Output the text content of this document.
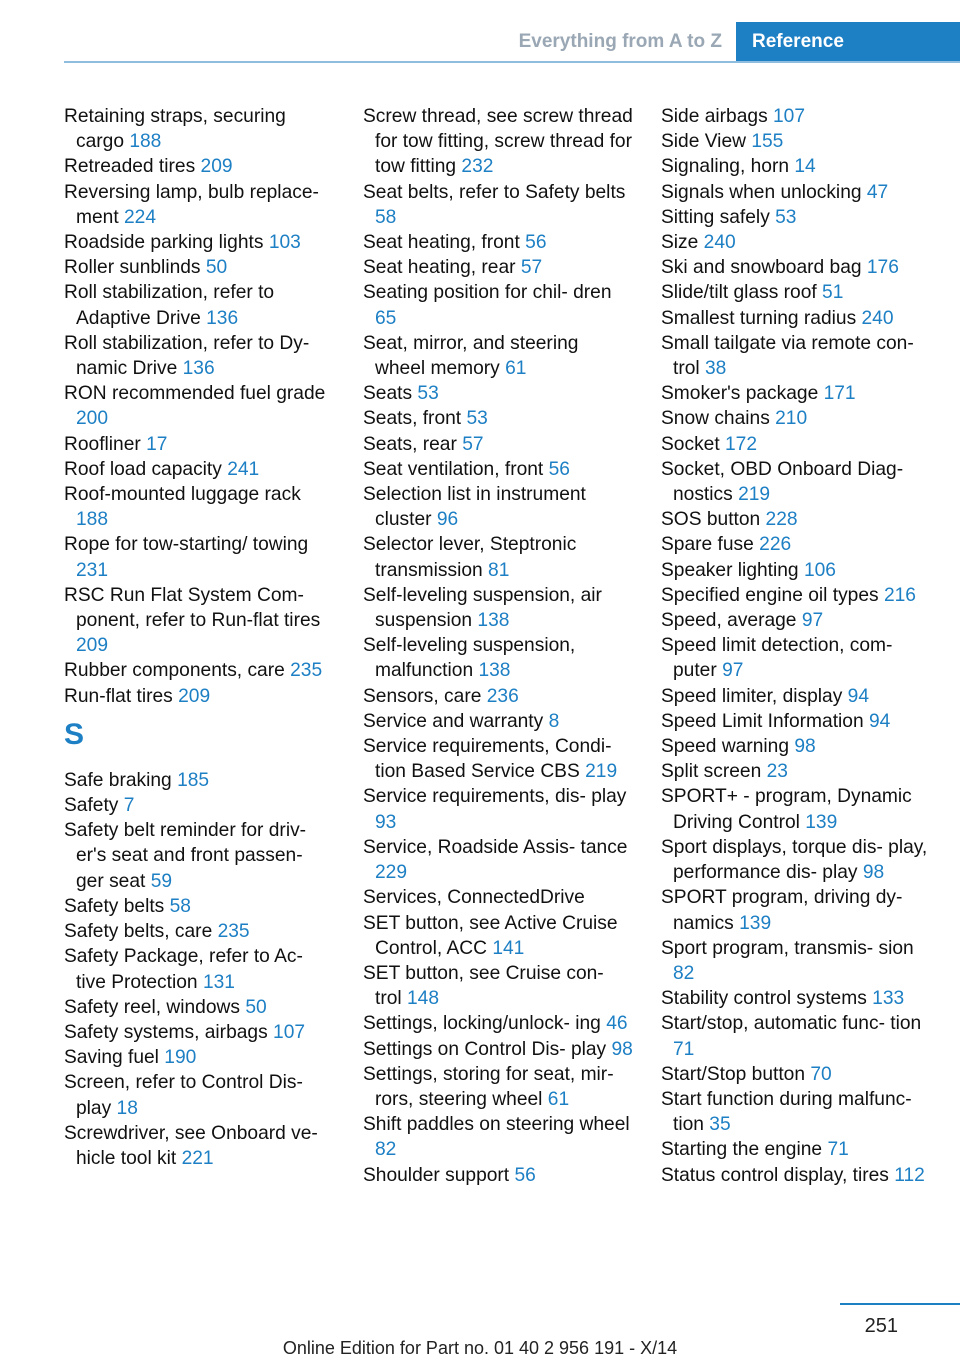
Everything from A to Z	Reference
Retaining straps, securing cargo 188
Retreaded tires 209
Reversing lamp, bulb replace- ment 224
Roadside parking lights 103
Roller sunblinds 50
Roll stabilization, refer to Adaptive Drive 136
Roll stabilization, refer to Dy- namic Drive 136
RON recommended fuel grade 200
Roofliner 17
Roof load capacity 241
Roof-mounted luggage rack 188
Rope for tow-starting/ towing 231
RSC Run Flat System Com- ponent, refer to Run-flat tires 209
Rubber components, care 235
Run-flat tires 209
S
Safe braking 185
Safety 7
Safety belt reminder for driv- er's seat and front passen- ger seat 59
Safety belts 58
Safety belts, care 235
Safety Package, refer to Ac- tive Protection 131
Safety reel, windows 50
Safety systems, airbags 107
Saving fuel 190
Screen, refer to Control Dis- play 18
Screwdriver, see Onboard ve- hicle tool kit 221
Screw thread, see screw thread for tow fitting, screw thread for tow fitting 232
Seat belts, refer to Safety belts 58
Seat heating, front 56
Seat heating, rear 57
Seating position for chil- dren 65
Seat, mirror, and steering wheel memory 61
Seats 53
Seats, front 53
Seats, rear 57
Seat ventilation, front 56
Selection list in instrument cluster 96
Selector lever, Steptronic transmission 81
Self-leveling suspension, air suspension 138
Self-leveling suspension, malfunction 138
Sensors, care 236
Service and warranty 8
Service requirements, Condi- tion Based Service CBS 219
Service requirements, dis- play 93
Service, Roadside Assis- tance 229
Services, ConnectedDrive
SET button, see Active Cruise Control, ACC 141
SET button, see Cruise con- trol 148
Settings, locking/unlock- ing 46
Settings on Control Dis- play 98
Settings, storing for seat, mir- rors, steering wheel 61
Shift paddles on steering wheel 82
Shoulder support 56
Side airbags 107
Side View 155
Signaling, horn 14
Signals when unlocking 47
Sitting safely 53
Size 240
Ski and snowboard bag 176
Slide/tilt glass roof 51
Smallest turning radius 240
Small tailgate via remote con- trol 38
Smoker's package 171
Snow chains 210
Socket 172
Socket, OBD Onboard Diag- nostics 219
SOS button 228
Spare fuse 226
Speaker lighting 106
Specified engine oil types 216
Speed, average 97
Speed limit detection, com- puter 97
Speed limiter, display 94
Speed Limit Information 94
Speed warning 98
Split screen 23
SPORT+ - program, Dynamic Driving Control 139
Sport displays, torque dis- play, performance dis- play 98
SPORT program, driving dy- namics 139
Sport program, transmis- sion 82
Stability control systems 133
Start/stop, automatic func- tion 71
Start/Stop button 70
Start function during malfunc- tion 35
Starting the engine 71
Status control display, tires 112
251
Online Edition for Part no. 01 40 2 956 191 - X/14
